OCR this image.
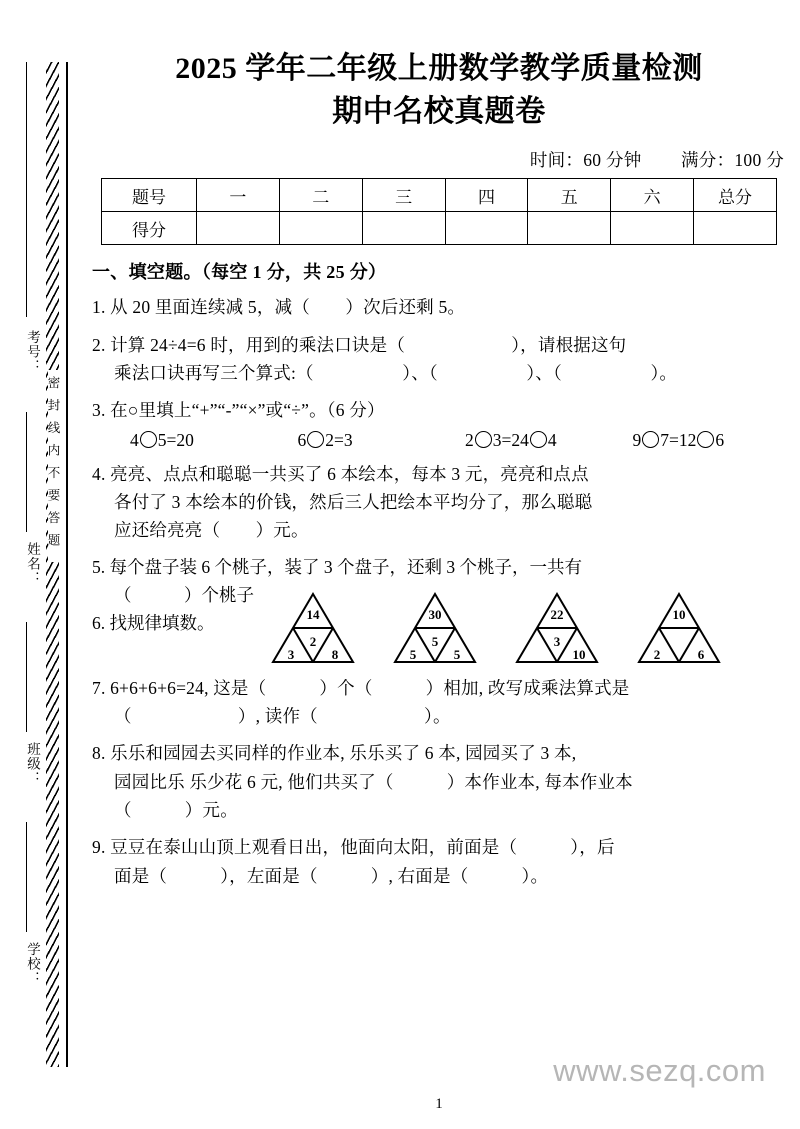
考号：
姓名：
班级：
学校：
密封线内不要答题
2025 学年二年级上册数学教学质量检测
期中名校真题卷
时间：60 分钟 满分：100 分
题号	一	二	三	四	五	六	总分
得分							
一、填空题。（每空 1 分，共 25 分）
1. 从 20 里面连续减 5，减（　　）次后还剩 5。
2. 计算 24÷4=6 时，用到的乘法口诀是（　　　　　　），请根据这句
乘法口诀再写三个算式:（　　　　　）、（　　　　　）、（　　　　　）。
3. 在○里填上“+”“-”“×”或“÷”。（6 分）
4 5=20	6 2=3	2 3=24 4	9 7=12 6
4. 亮亮、点点和聪聪一共买了 6 本绘本，每本 3 元，亮亮和点点
各付了 3 本绘本的价钱，然后三人把绘本平均分了，那么聪聪
应还给亮亮（　　）元。
5. 每个盘子装 6 个桃子，装了 3 个盘子，还剩 3 个桃子，一共有
（　　　）个桃子
6. 找规律填数。	14
2
3	8
30
5
5	5
22
3
10
10
2	6
7. 6+6+6+6=24, 这是（　　　）个（　　　）相加, 改写成乘法算式是
（　　　　　　）, 读作（　　　　　　）。
8. 乐乐和园园去买同样的作业本, 乐乐买了 6 本, 园园买了 3 本,
园园比乐 乐少花 6 元, 他们共买了（　　　）本作业本, 每本作业本
（　　　）元。
9. 豆豆在泰山山顶上观看日出，他面向太阳，前面是（　　　），后
面是（　　　），左面是（　　　）, 右面是（　　　）。
www.sezq.com
1
